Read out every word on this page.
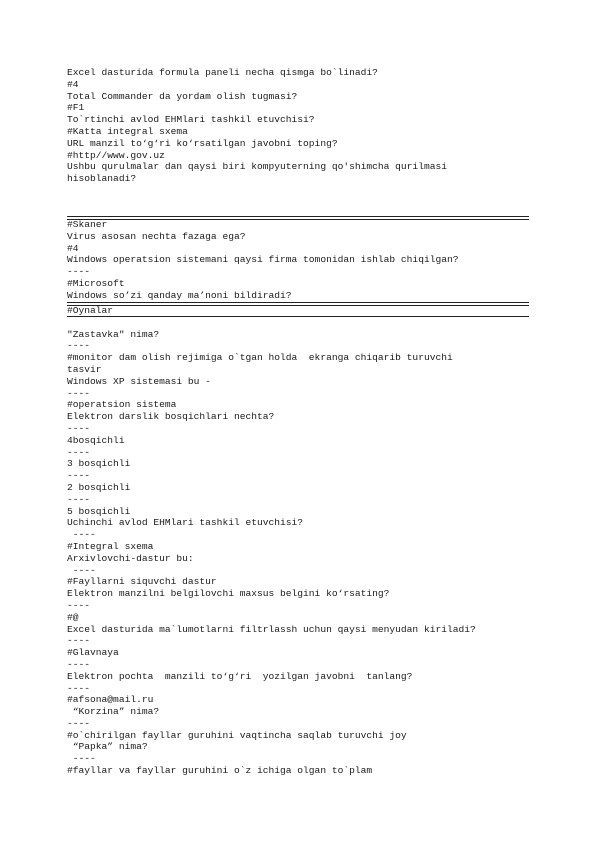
Excel dasturida formula paneli necha qismga bo`linadi?
#4
Total Commander da yordam olish tugmasi?
#F1
To`rtinchi avlod EHMlari tashkil etuvchisi?
#Katta integral sxema
URL manzil to‘g‘ri ko‘rsatilgan javobni toping?
#http//www.gov.uz
Ushbu qurulmalar dan qaysi biri kompyuterning qo'shimcha qurilmasi
hisoblanadi?
#Skaner
Virus asosan nechta fazaga ega?
#4
Windows operatsion sistemani qaysi firma tomonidan ishlab chiqilgan?
----
#Microsoft
Windows so’zi qanday ma’noni bildiradi?
#Oynalar
"Zastavka" nima?
----
#monitor dam olish rejimiga o`tgan holda  ekranga chiqarib turuvchi
tasvir
Windows XP sistemasi bu -
----
#operatsion sistema
Elektron darslik bosqichlari nechta?
----
4bosqichli
----
3 bosqichli
----
2 bosqichli
----
5 bosqichli
Uchinchi avlod EHMlari tashkil etuvchisi?
----
#Integral sxema
Arxivlovchi-dastur bu:
----
#Fayllarni siquvchi dastur
Elektron manzilni belgilovchi maxsus belgini ko‘rsating?
----
#@
Excel dasturida ma`lumotlarni filtrlassh uchun qaysi menyudan kiriladi?
----
#Glavnaya
----
Elektron pochta  manzili to‘g‘ri  yozilgan javobni  tanlang?
----
#afsona@mail.ru
“Korzina” nima?
----
#o`chirilgan fayllar guruhini vaqtincha saqlab turuvchi joy
“Papka” nima?
----
#fayllar va fayllar guruhini o`z ichiga olgan to`plam
